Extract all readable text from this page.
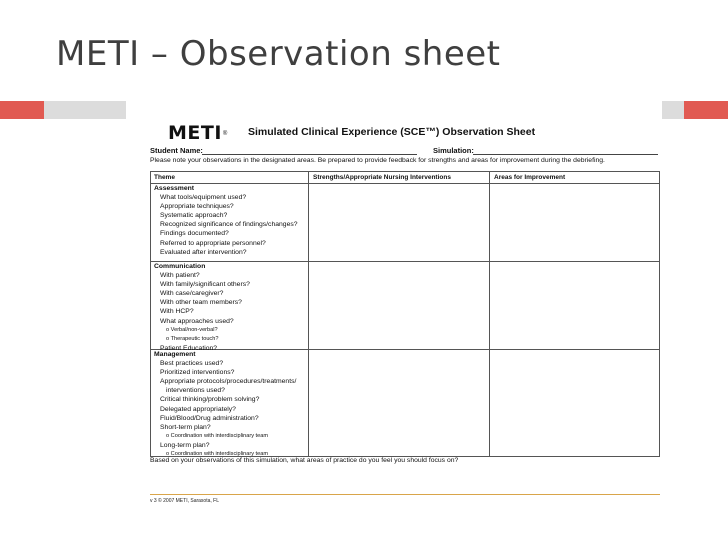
METI – Observation sheet
METI ® Simulated Clinical Experience (SCE™) Observation Sheet
Student Name:	Simulation:
Please note your observations in the designated areas. Be prepared to provide feedback for strengths and areas for improvement during the debriefing.
Theme	Strengths/Appropriate Nursing Interventions	Areas for Improvement
Assessment
What tools/equipment used?
Appropriate techniques?
Systematic approach?
Recognized significance of findings/changes?
Findings documented?
Referred to appropriate personnel?
Evaluated after intervention?
Communication
With patient?
With family/significant others?
With case/caregiver?
With other team members?
With HCP?
What approaches used?
o Verbal/non-verbal?
o Therapeutic touch?
Patient Education?
Management
Best practices used?
Prioritized interventions?
Appropriate protocols/procedures/treatments/
interventions used?
Critical thinking/problem solving?
Delegated appropriately?
Fluid/Blood/Drug administration?
Short-term plan?
o Coordination with interdisciplinary team
Long-term plan?
o Coordination with interdisciplinary team
Based on your observations of this simulation, what areas of practice do you feel you should focus on?
v 3 © 2007 METI, Sarasota, FL
